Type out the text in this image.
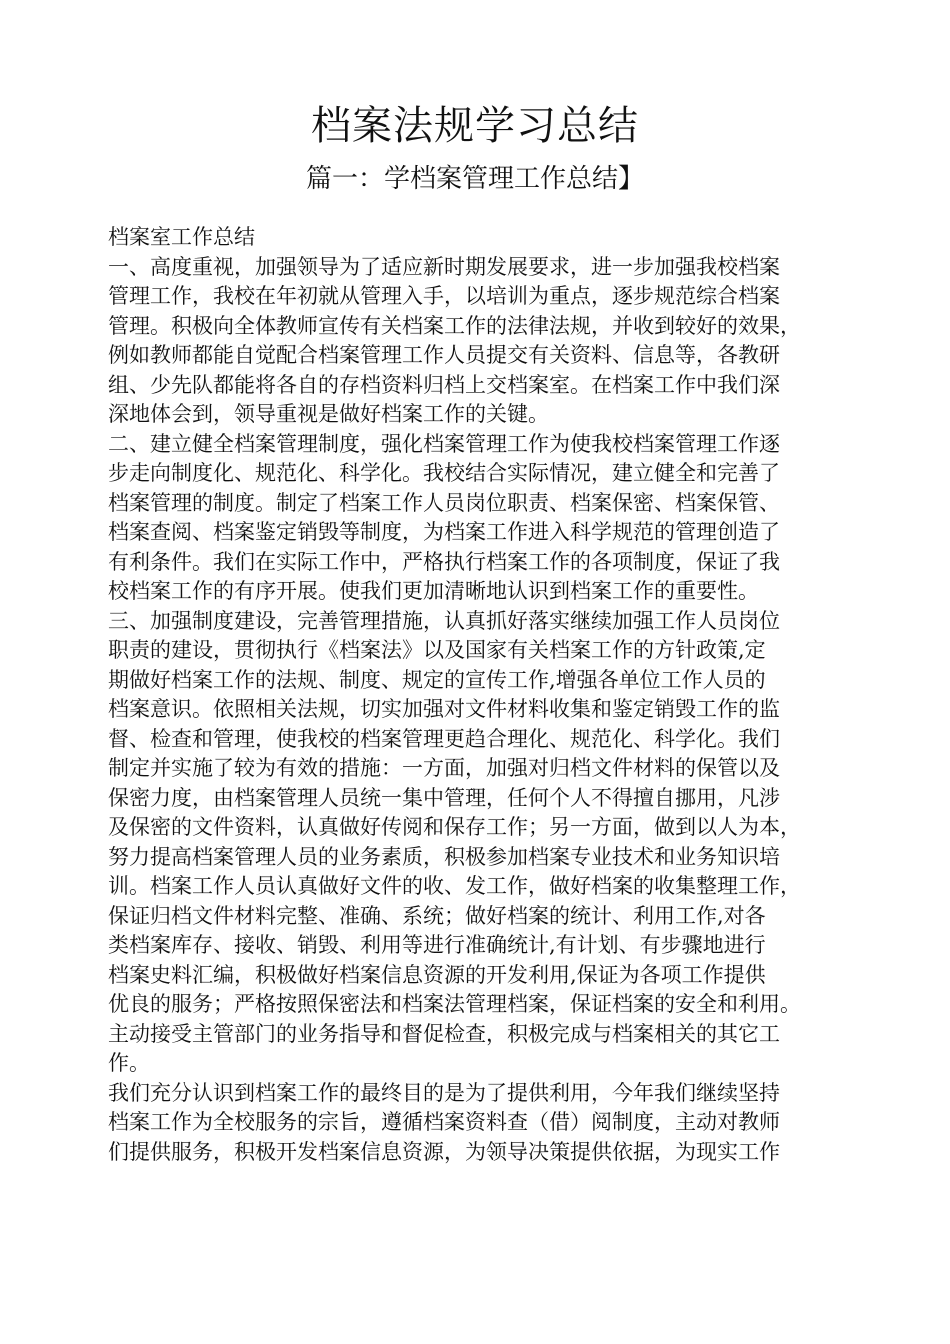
档案法规学习总结
篇一：学档案管理工作总结】
档案室工作总结
一、高度重视，加强领导为了适应新时期发展要求，进一步加强我校档案
管理工作，我校在年初就从管理入手，以培训为重点，逐步规范综合档案
管理。积极向全体教师宣传有关档案工作的法律法规，并收到较好的效果，
例如教师都能自觉配合档案管理工作人员提交有关资料、信息等，各教研
组、少先队都能将各自的存档资料归档上交档案室。在档案工作中我们深
深地体会到，领导重视是做好档案工作的关键。
二、建立健全档案管理制度，强化档案管理工作为使我校档案管理工作逐
步走向制度化、规范化、科学化。我校结合实际情况，建立健全和完善了
档案管理的制度。制定了档案工作人员岗位职责、档案保密、档案保管、
档案查阅、档案鉴定销毁等制度，为档案工作进入科学规范的管理创造了
有利条件。我们在实际工作中，严格执行档案工作的各项制度，保证了我
校档案工作的有序开展。使我们更加清晰地认识到档案工作的重要性。
三、加强制度建设，完善管理措施，认真抓好落实继续加强工作人员岗位
职责的建设，贯彻执行《档案法》以及国家有关档案工作的方针政策,定
期做好档案工作的法规、制度、规定的宣传工作,增强各单位工作人员的
档案意识。依照相关法规，切实加强对文件材料收集和鉴定销毁工作的监
督、检查和管理，使我校的档案管理更趋合理化、规范化、科学化。我们
制定并实施了较为有效的措施：一方面，加强对归档文件材料的保管以及
保密力度，由档案管理人员统一集中管理，任何个人不得擅自挪用，凡涉
及保密的文件资料，认真做好传阅和保存工作；另一方面，做到以人为本，
努力提高档案管理人员的业务素质，积极参加档案专业技术和业务知识培
训。档案工作人员认真做好文件的收、发工作，做好档案的收集整理工作，
保证归档文件材料完整、准确、系统；做好档案的统计、利用工作,对各
类档案库存、接收、销毁、利用等进行准确统计,有计划、有步骤地进行
档案史料汇编，积极做好档案信息资源的开发利用,保证为各项工作提供
优良的服务；严格按照保密法和档案法管理档案，保证档案的安全和利用。
主动接受主管部门的业务指导和督促检查，积极完成与档案相关的其它工
作。
我们充分认识到档案工作的最终目的是为了提供利用，今年我们继续坚持
档案工作为全校服务的宗旨，遵循档案资料查（借）阅制度，主动对教师
们提供服务，积极开发档案信息资源，为领导决策提供依据，为现实工作
